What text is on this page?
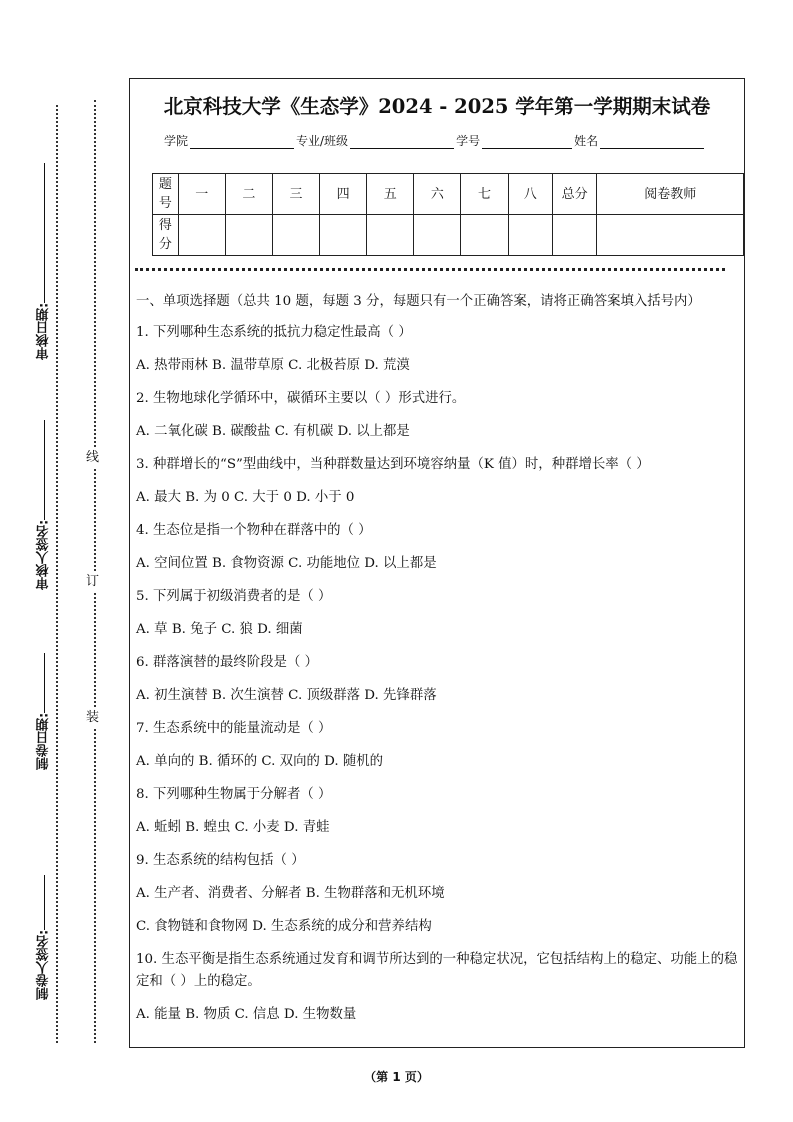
审核日期:
审核人签名:
制卷日期:
制卷人签名:
线
订
装
北京科技大学《生态学》2024 - 2025 学年第一学期期末试卷
学院	专业/班级	学号	姓名
题号	一	二	三	四	五	六	七	八	总分	阅卷教师
得分										

一、单项选择题（总共 10 题，每题 3 分，每题只有一个正确答案，请将正确答案填入括号内）

1. 下列哪种生态系统的抵抗力稳定性最高（ ）

A. 热带雨林 B. 温带草原 C. 北极苔原 D. 荒漠

2. 生物地球化学循环中，碳循环主要以（ ）形式进行。

A. 二氧化碳 B. 碳酸盐 C. 有机碳 D. 以上都是

3. 种群增长的“S”型曲线中，当种群数量达到环境容纳量（K 值）时，种群增长率（ ）

A. 最大 B. 为 0 C. 大于 0 D. 小于 0

4. 生态位是指一个物种在群落中的（ ）

A. 空间位置 B. 食物资源 C. 功能地位 D. 以上都是

5. 下列属于初级消费者的是（ ）

A. 草 B. 兔子 C. 狼 D. 细菌

6. 群落演替的最终阶段是（ ）

A. 初生演替 B. 次生演替 C. 顶级群落 D. 先锋群落

7. 生态系统中的能量流动是（ ）

A. 单向的 B. 循环的 C. 双向的 D. 随机的

8. 下列哪种生物属于分解者（ ）

A. 蚯蚓 B. 蝗虫 C. 小麦 D. 青蛙

9. 生态系统的结构包括（ ）

A. 生产者、消费者、分解者 B. 生物群落和无机环境

C. 食物链和食物网 D. 生态系统的成分和营养结构

10. 生态平衡是指生态系统通过发育和调节所达到的一种稳定状况，它包括结构上的稳定、功能上的稳定和（ ）上的稳定。

A. 能量 B. 物质 C. 信息 D. 生物数量

（第 1 页）
